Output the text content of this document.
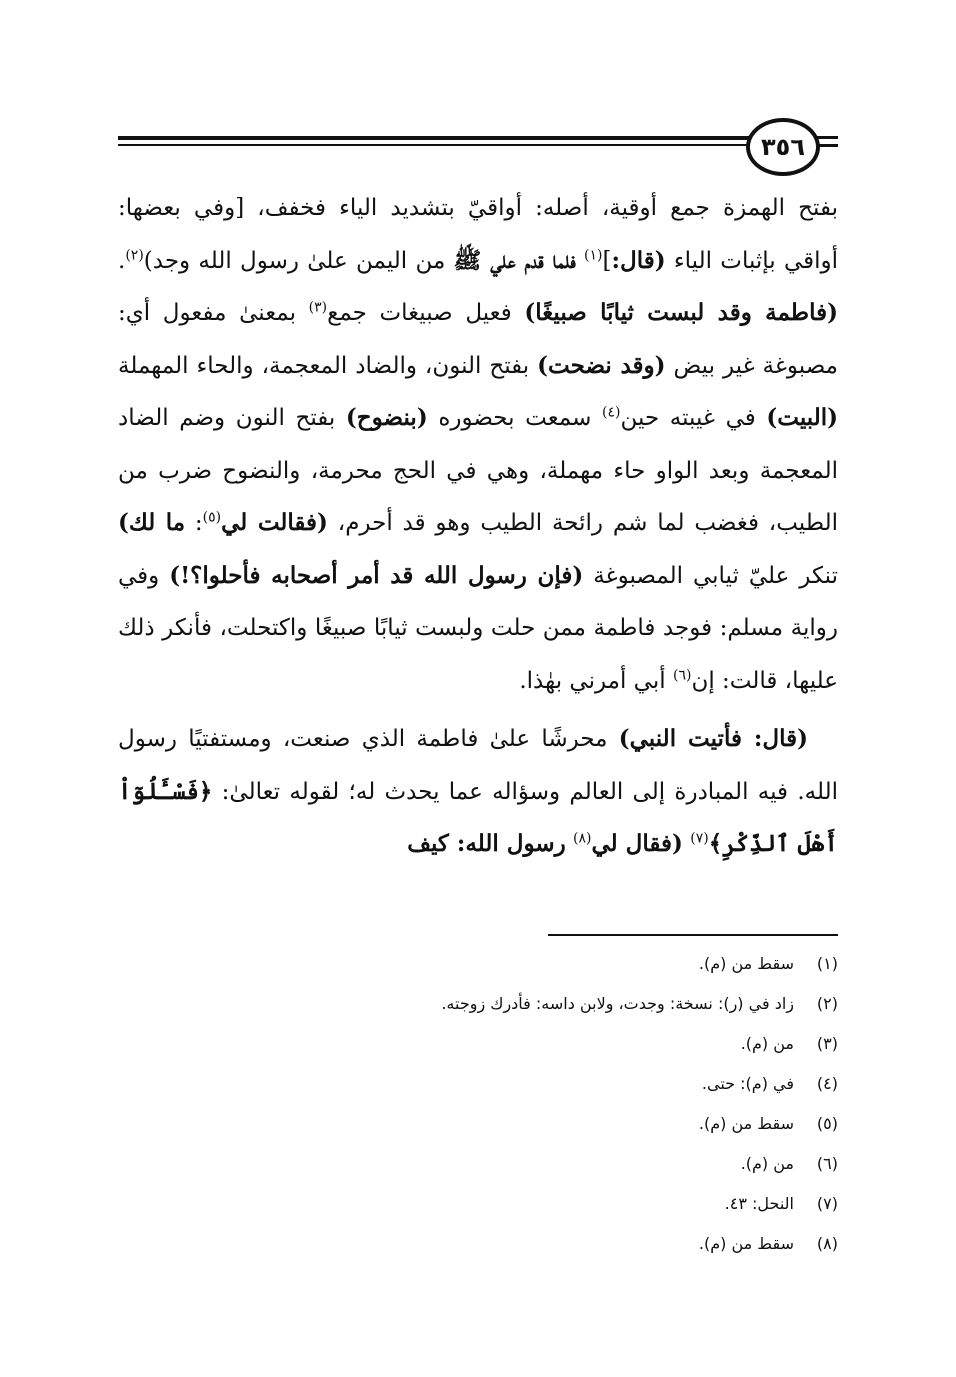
٣٥٦

بفتح الهمزة جمع أوقية، أصله: أواقيّ بتشديد الياء فخفف، [وفي بعضها: أواقي بإثبات الياء (قال:]$^{(١)}$ فلما قدم علي ﷺ من اليمن علىٰ رسول الله وجد)$^{(٢)}$. (فاطمة وقد لبست ثيابًا صبيغًا) فعيل صبيغات جمع$^{(٣)}$ بمعنىٰ مفعول أي: مصبوغة غير بيض (وقد نضحت) بفتح النون، والضاد المعجمة، والحاء المهملة (البيت) في غيبته حين$^{(٤)}$ سمعت بحضوره (بنضوح) بفتح النون وضم الضاد المعجمة وبعد الواو حاء مهملة، وهي في الحج محرمة، والنضوح ضرب من الطيب، فغضب لما شم رائحة الطيب وهو قد أحرم، (فقالت لي$^{(٥)}$: ما لك) تنكر عليّ ثيابي المصبوغة (فإن رسول الله قد أمر أصحابه فأحلوا؟!) وفي رواية مسلم: فوجد فاطمة ممن حلت ولبست ثيابًا صبيغًا واكتحلت، فأنكر ذلك عليها، قالت: إن$^{(٦)}$ أبي أمرني بهٰذا.

(قال: فأتيت النبي) محرشًا علىٰ فاطمة الذي صنعت، ومستفتيًا رسول الله. فيه المبادرة إلى العالم وسؤاله عما يحدث له؛ لقوله تعالىٰ: ﴿فَسْـَٔلُوٓاْ أَهْلَ ٱلذِّكْرِ﴾$^{(٧)}$ (فقال لي$^{(٨)}$ رسول الله: كيف

(١)
سقط من (م).
(٢)
زاد في (ر): نسخة: وجدت، ولابن داسه: فأدرك زوجته.
(٣)
من (م).
(٤)
في (م): حتى.
(٥)
سقط من (م).
(٦)
من (م).
(٧)
النحل: ٤٣.
(٨)
سقط من (م).
